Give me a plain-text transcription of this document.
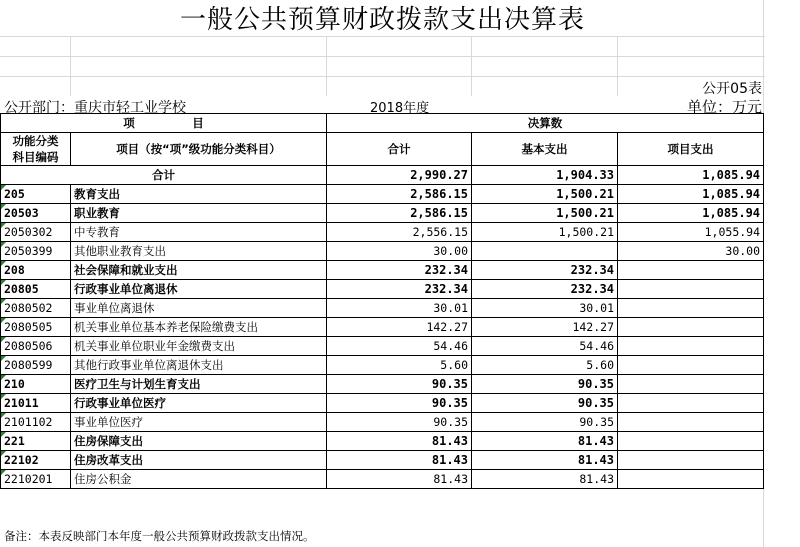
一般公共预算财政拨款支出决算表
公开05表
公开部门：重庆市轻工业学校	2018年度	单位：万元
项　　　　　目		决算数		
功能分类
科目编码	项目（按“项”级功能分类科目）	合计	基本支出	项目支出
合计		2,990.27	1,904.33	1,085.94
205	教育支出	2,586.15	1,500.21	1,085.94
20503	职业教育	2,586.15	1,500.21	1,085.94
2050302	中专教育	2,556.15	1,500.21	1,055.94
2050399	其他职业教育支出	30.00		30.00
208	社会保障和就业支出	232.34	232.34	
20805	行政事业单位离退休	232.34	232.34	
2080502	事业单位离退休	30.01	30.01	
2080505	机关事业单位基本养老保险缴费支出	142.27	142.27	
2080506	机关事业单位职业年金缴费支出	54.46	54.46	
2080599	其他行政事业单位离退休支出	5.60	5.60	
210	医疗卫生与计划生育支出	90.35	90.35	
21011	行政事业单位医疗	90.35	90.35	
2101102	事业单位医疗	90.35	90.35	
221	住房保障支出	81.43	81.43	
22102	住房改革支出	81.43	81.43	
2210201	住房公积金	81.43	81.43	
备注：本表反映部门本年度一般公共预算财政拨款支出情况。
